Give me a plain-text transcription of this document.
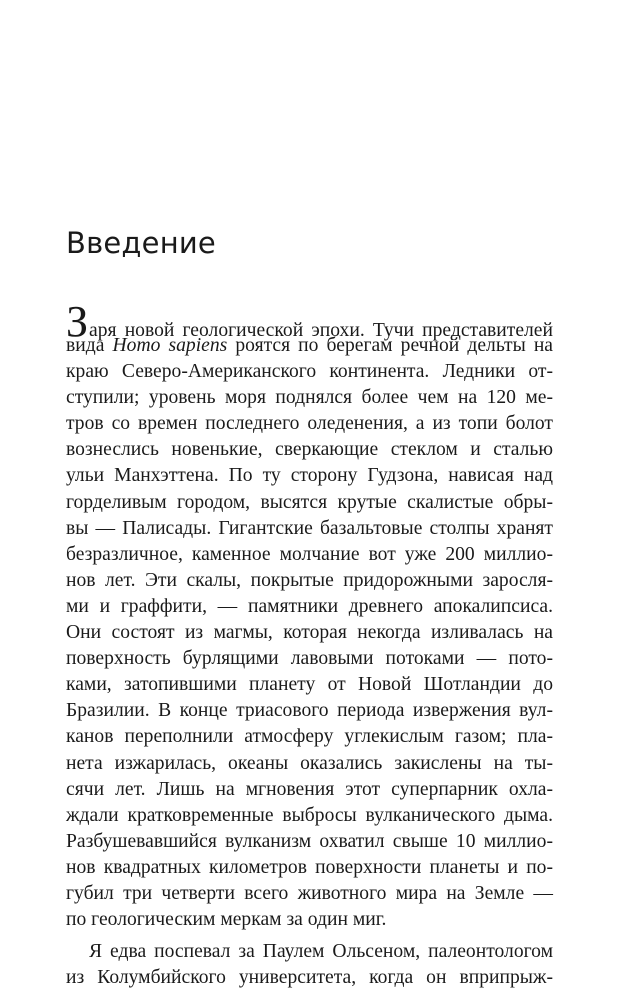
Введение
Заря новой геологической эпохи. Тучи представителей
вида Homo sapiens роятся по берегам речной дельты на
краю Северо-Американского континента. Ледники от-
ступили; уровень моря поднялся более чем на 120 ме-
тров со времен последнего оледенения, а из топи болот
вознеслись новенькие, сверкающие стеклом и сталью
ульи Манхэттена. По ту сторону Гудзона, нависая над
горделивым городом, высятся крутые скалистые обры-
вы — Палисады. Гигантские базальтовые столпы хранят
безразличное, каменное молчание вот уже 200 миллио-
нов лет. Эти скалы, покрытые придорожными заросля-
ми и граффити, — памятники древнего апокалипсиса.
Они состоят из магмы, которая некогда изливалась на
поверхность бурлящими лавовыми потоками — пото-
ками, затопившими планету от Новой Шотландии до
Бразилии. В конце триасового периода извержения вул-
канов переполнили атмосферу углекислым газом; пла-
нета изжарилась, океаны оказались закислены на ты-
сячи лет. Лишь на мгновения этот суперпарник охла-
ждали кратковременные выбросы вулканического дыма.
Разбушевавшийся вулканизм охватил свыше 10 миллио-
нов квадратных километров поверхности планеты и по-
губил три четверти всего животного мира на Земле —
по геологическим меркам за один миг.
Я едва поспевал за Паулем Ольсеном, палеонтологом
из Колумбийского университета, когда он вприпрыж-
